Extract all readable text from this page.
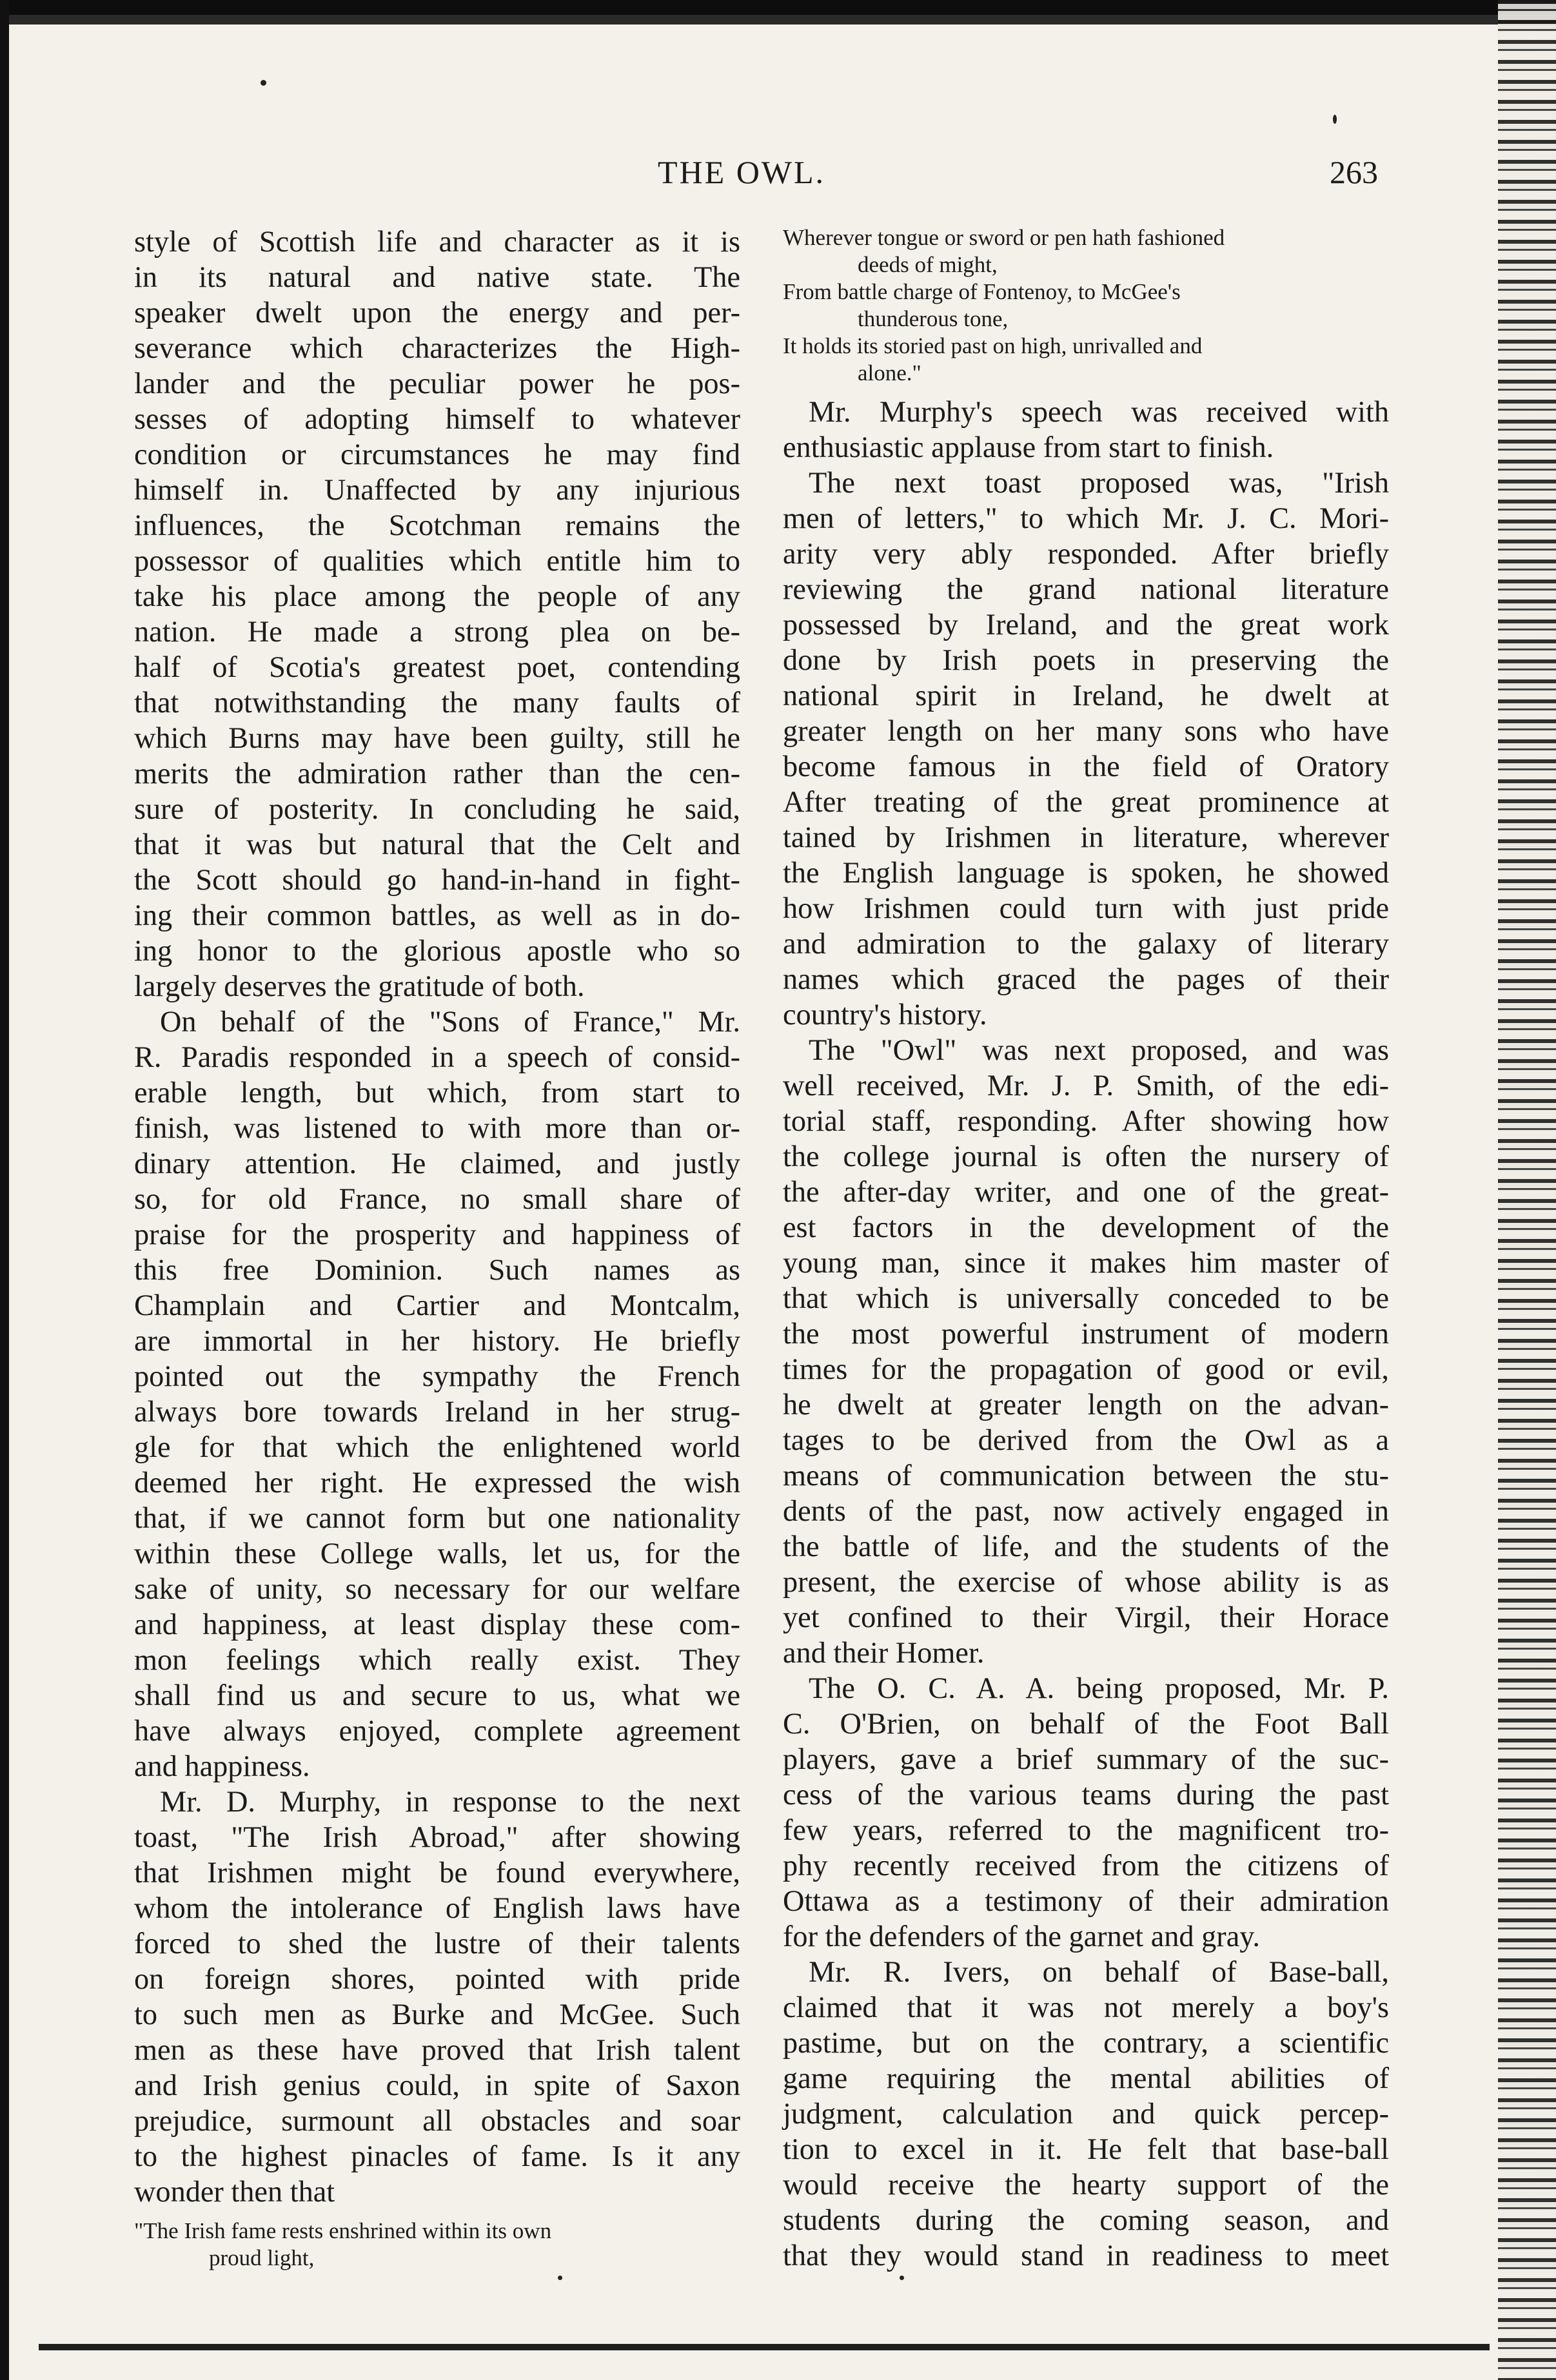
THE OWL.	263
style of Scottish life and character as it is
in its natural and native state. The
speaker dwelt upon the energy and per-
severance which characterizes the High-
lander and the peculiar power he pos-
sesses of adopting himself to whatever
condition or circumstances he may find
himself in. Unaffected by any injurious
influences, the Scotchman remains the
possessor of qualities which entitle him to
take his place among the people of any
nation. He made a strong plea on be-
half of Scotia's greatest poet, contending
that notwithstanding the many faults of
which Burns may have been guilty, still he
merits the admiration rather than the cen-
sure of posterity. In concluding he said,
that it was but natural that the Celt and
the Scott should go hand-in-hand in fight-
ing their common battles, as well as in do-
ing honor to the glorious apostle who so
largely deserves the gratitude of both.
On behalf of the "Sons of France," Mr.
R. Paradis responded in a speech of consid-
erable length, but which, from start to
finish, was listened to with more than or-
dinary attention. He claimed, and justly
so, for old France, no small share of
praise for the prosperity and happiness of
this free Dominion. Such names as
Champlain and Cartier and Montcalm,
are immortal in her history. He briefly
pointed out the sympathy the French
always bore towards Ireland in her strug-
gle for that which the enlightened world
deemed her right. He expressed the wish
that, if we cannot form but one nationality
within these College walls, let us, for the
sake of unity, so necessary for our welfare
and happiness, at least display these com-
mon feelings which really exist. They
shall find us and secure to us, what we
have always enjoyed, complete agreement
and happiness.
Mr. D. Murphy, in response to the next
toast, "The Irish Abroad," after showing
that Irishmen might be found everywhere,
whom the intolerance of English laws have
forced to shed the lustre of their talents
on foreign shores, pointed with pride
to such men as Burke and McGee. Such
men as these have proved that Irish talent
and Irish genius could, in spite of Saxon
prejudice, surmount all obstacles and soar
to the highest pinacles of fame. Is it any
wonder then that
"The Irish fame rests enshrined within its own
proud light,
Wherever tongue or sword or pen hath fashioned
deeds of might,
From battle charge of Fontenoy, to McGee's
thunderous tone,
It holds its storied past on high, unrivalled and
alone."
Mr. Murphy's speech was received with
enthusiastic applause from start to finish.
The next toast proposed was, "Irish
men of letters," to which Mr. J. C. Mori-
arity very ably responded. After briefly
reviewing the grand national literature
possessed by Ireland, and the great work
done by Irish poets in preserving the
national spirit in Ireland, he dwelt at
greater length on her many sons who have
become famous in the field of Oratory
After treating of the great prominence at
tained by Irishmen in literature, wherever
the English language is spoken, he showed
how Irishmen could turn with just pride
and admiration to the galaxy of literary
names which graced the pages of their
country's history.
The "Owl" was next proposed, and was
well received, Mr. J. P. Smith, of the edi-
torial staff, responding. After showing how
the college journal is often the nursery of
the after-day writer, and one of the great-
est factors in the development of the
young man, since it makes him master of
that which is universally conceded to be
the most powerful instrument of modern
times for the propagation of good or evil,
he dwelt at greater length on the advan-
tages to be derived from the Owl as a
means of communication between the stu-
dents of the past, now actively engaged in
the battle of life, and the students of the
present, the exercise of whose ability is as
yet confined to their Virgil, their Horace
and their Homer.
The O. C. A. A. being proposed, Mr. P.
C. O'Brien, on behalf of the Foot Ball
players, gave a brief summary of the suc-
cess of the various teams during the past
few years, referred to the magnificent tro-
phy recently received from the citizens of
Ottawa as a testimony of their admiration
for the defenders of the garnet and gray.
Mr. R. Ivers, on behalf of Base-ball,
claimed that it was not merely a boy's
pastime, but on the contrary, a scientific
game requiring the mental abilities of
judgment, calculation and quick percep-
tion to excel in it. He felt that base-ball
would receive the hearty support of the
students during the coming season, and
that they would stand in readiness to meet
